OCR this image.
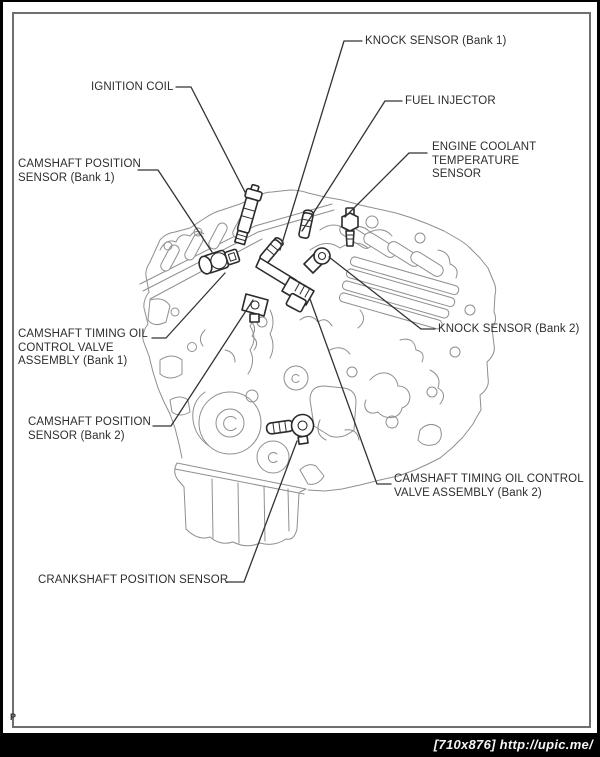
KNOCK SENSOR (Bank 1)
IGNITION COIL
FUEL INJECTOR
ENGINE COOLANT
TEMPERATURE
SENSOR
CAMSHAFT POSITION
SENSOR (Bank 1)
CAMSHAFT TIMING OIL
CONTROL VALVE
ASSEMBLY (Bank 1)
KNOCK SENSOR (Bank 2)
CAMSHAFT POSITION
SENSOR (Bank 2)
CAMSHAFT TIMING OIL CONTROL
VALVE ASSEMBLY (Bank 2)
CRANKSHAFT POSITION SENSOR
P
[710x876] http://upic.me/
